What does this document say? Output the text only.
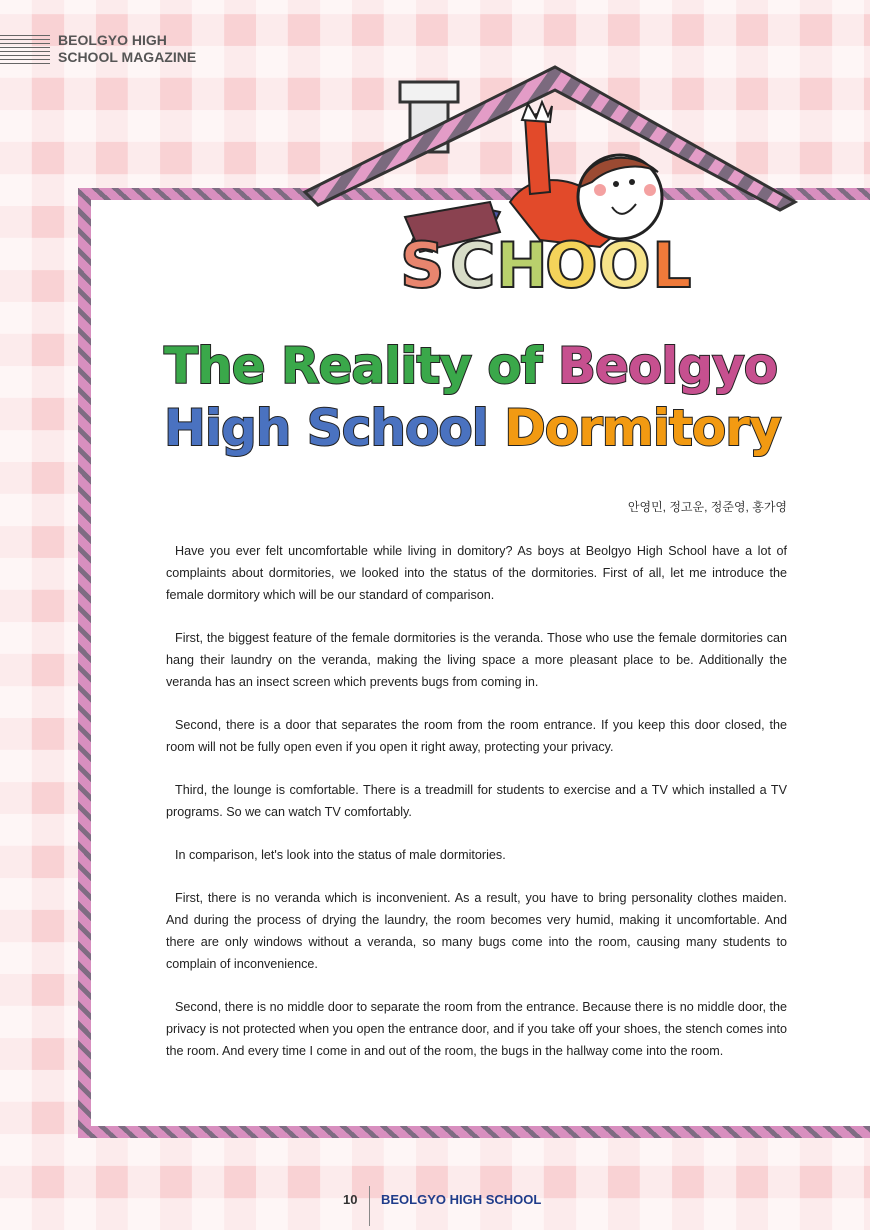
BEOLGYO HIGH
SCHOOL MAGAZINE
S C H
O O L
The Reality of Beolgyo
High School Dormitory
안영민, 정고운, 정준영, 홍가영

Have you ever felt uncomfortable while living in domitory? As boys at Beolgyo High School have a lot of complaints about dormitories, we looked into the status of the dormitories. First of all, let me introduce the female dormitory which will be our standard of comparison.

First, the biggest feature of the female dormitories is the veranda. Those who use the female dormitories can hang their laundry on the veranda, making the living space a more pleasant place to be. Additionally the veranda has an insect screen which prevents bugs from coming in.

Second, there is a door that separates the room from the room entrance. If you keep this door closed, the room will not be fully open even if you open it right away, protecting your privacy.

Third, the lounge is comfortable. There is a treadmill for students to exercise and a TV which installed a TV programs. So we can watch TV comfortably.

In comparison, let's look into the status of male dormitories.

First, there is no veranda which is inconvenient. As a result, you have to bring personality clothes maiden. And during the process of drying the laundry, the room becomes very humid, making it uncomfortable. And there are only windows without a veranda, so many bugs come into the room, causing many students to complain of inconvenience.

Second, there is no middle door to separate the room from the entrance. Because there is no middle door, the privacy is not protected when you open the entrance door, and if you take off your shoes, the stench comes into the room. And every time I come in and out of the room, the bugs in the hallway come into the room.

10 BEOLGYO HIGH SCHOOL
